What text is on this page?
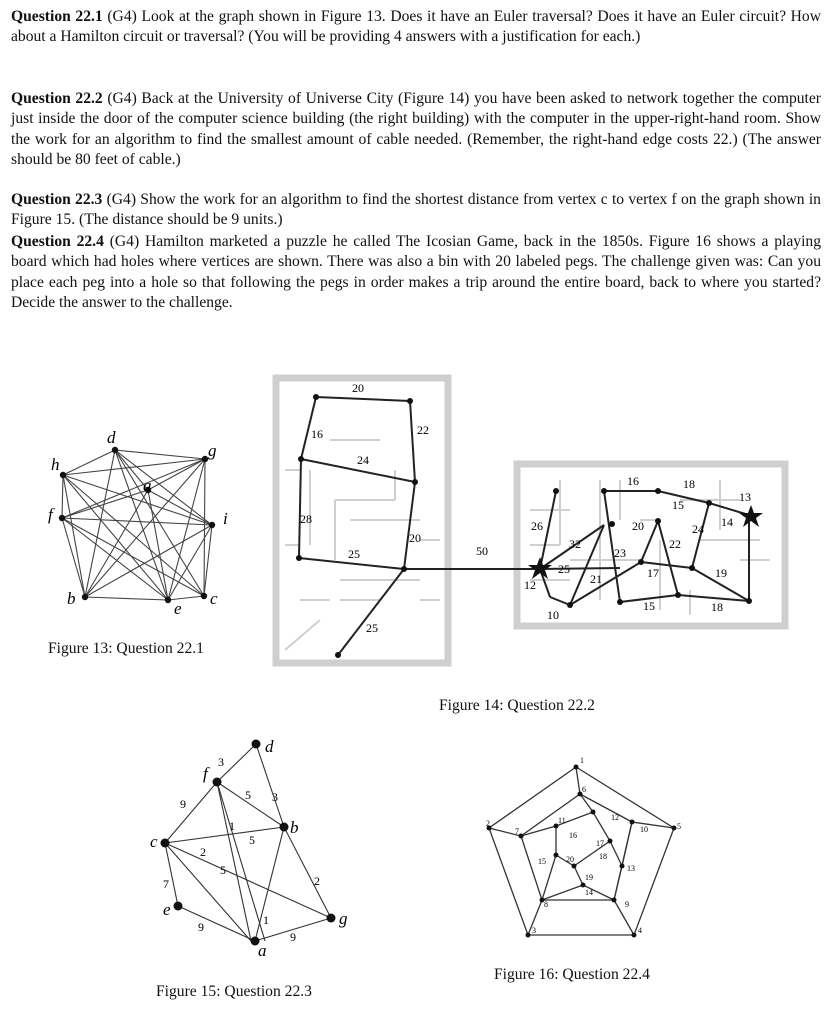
Question 22.1 (G4) Look at the graph shown in Figure 13. Does it have an Euler traversal? Does it have an Euler circuit? How about a Hamilton circuit or traversal? (You will be providing 4 answers with a justification for each.)
Question 22.2 (G4) Back at the University of Universe City (Figure 14) you have been asked to network together the computer just inside the door of the computer science building (the right building) with the computer in the upper-right-hand room. Show the work for an algorithm to find the smallest amount of cable needed. (Remember, the right-hand edge costs 22.) (The answer should be 80 feet of cable.)
Question 22.3 (G4) Show the work for an algorithm to find the shortest distance from vertex c to vertex f on the graph shown in Figure 15. (The distance should be 9 units.)
Question 22.4 (G4) Hamilton marketed a puzzle he called The Icosian Game, back in the 1850s. Figure 16 shows a playing board which had holes where vertices are shown. There was also a bin with 20 labeled pegs. The challenge given was: Can you place each peg into a hole so that following the pegs in order makes a trip around the entire board, back to where you started? Decide the answer to the challenge.
d
g
h
a
f	i
b
e
c
Figure 13: Question 22.1
20
16	22
24
28
25
20
50
25
26
32
25
21
12
10
16	18
15
13
20
23
24 14
22
17	19
15	18
Figure 14: Question 22.2
d
f
c
b
e	g
a
3
9
5 3
1
5
2
7
5
2
1
9
9
Figure 15: Question 22.3
1
6
2
7
11	12
10	5
16
17
15	20	18
13
19
14
8	9
3	4
Figure 16: Question 22.4
